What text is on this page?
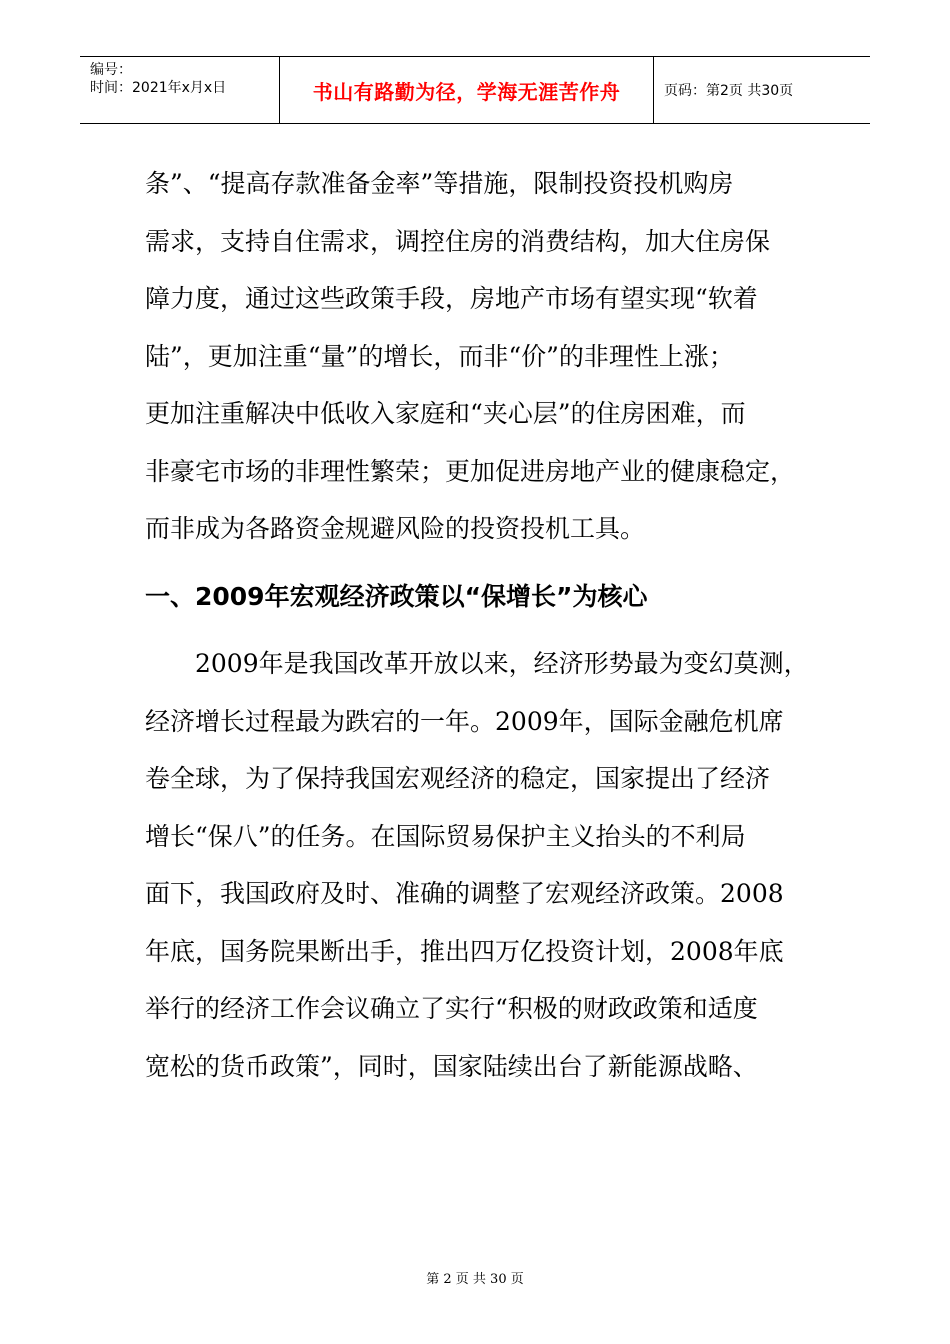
编号：
时间：2021年x月x日	书山有路勤为径，学海无涯苦作舟	页码：第2页 共30页
条”、“提高存款准备金率”等措施，限制投资投机购房
需求，支持自住需求，调控住房的消费结构，加大住房保
障力度，通过这些政策手段，房地产市场有望实现“软着
陆”，更加注重“量”的增长，而非“价”的非理性上涨；
更加注重解决中低收入家庭和“夹心层”的住房困难，而
非豪宅市场的非理性繁荣；更加促进房地产业的健康稳定，
而非成为各路资金规避风险的投资投机工具。
一、2009年宏观经济政策以“保增长”为核心
2009年是我国改革开放以来，经济形势最为变幻莫测，
经济增长过程最为跌宕的一年。2009年，国际金融危机席
卷全球，为了保持我国宏观经济的稳定，国家提出了经济
增长“保八”的任务。在国际贸易保护主义抬头的不利局
面下，我国政府及时、准确的调整了宏观经济政策。2008
年底，国务院果断出手，推出四万亿投资计划，2008年底
举行的经济工作会议确立了实行“积极的财政政策和适度
宽松的货币政策”，同时，国家陆续出台了新能源战略、
第 2 页 共 30 页
